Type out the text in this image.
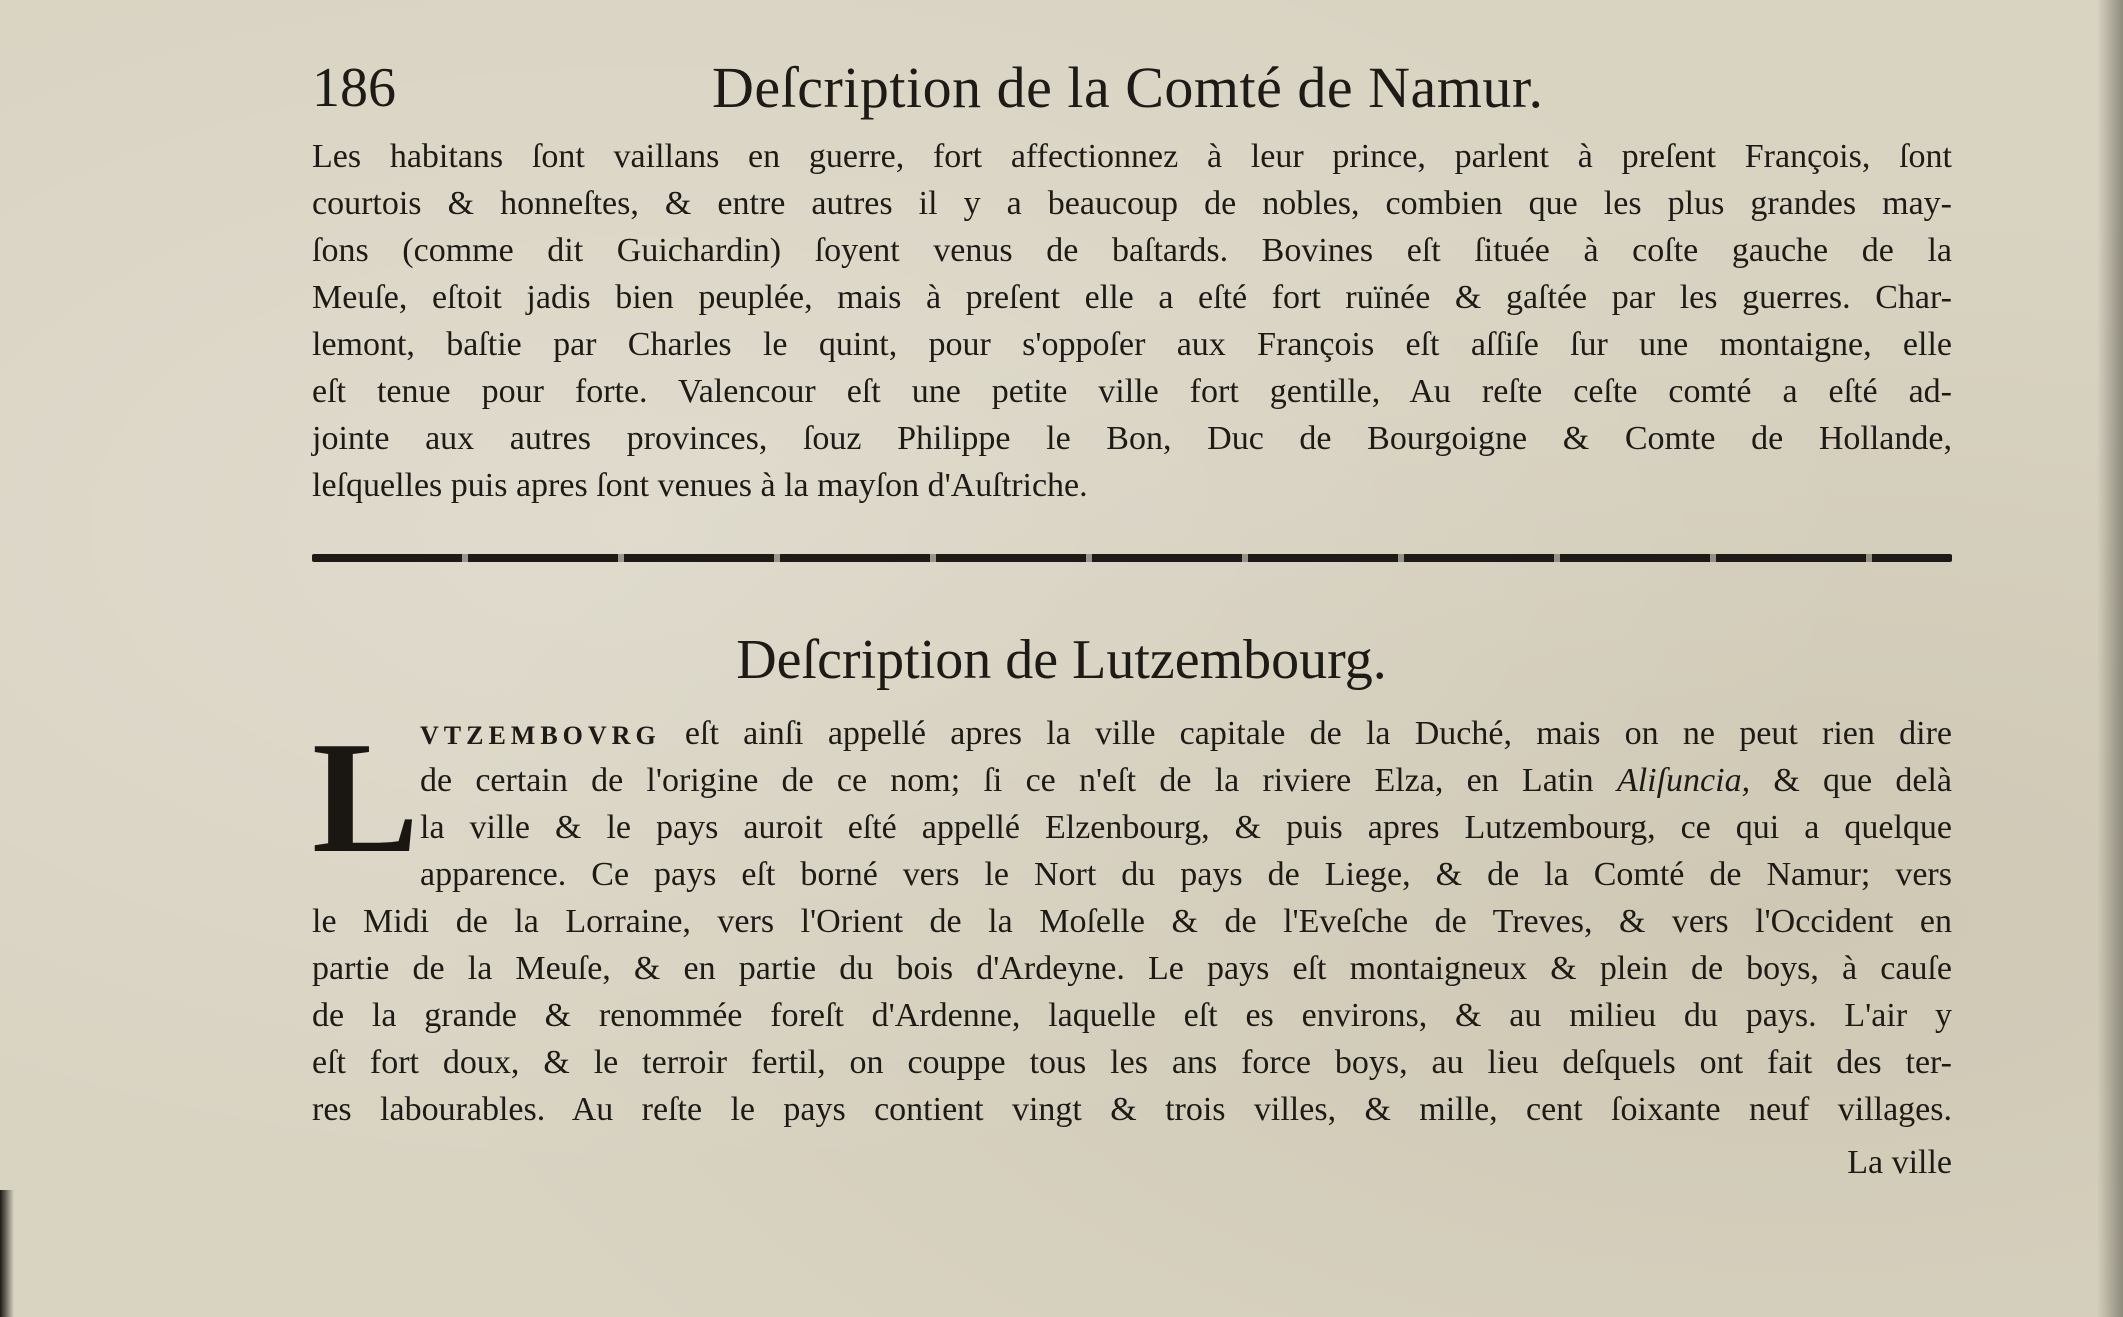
186	Deſcription de la Comté de Namur.
Les habitans ſont vaillans en guerre, fort affectionnez à leur prince, parlent à preſent François, ſont
courtois & honneſtes, & entre autres il y a beaucoup de nobles, combien que les plus grandes may-
ſons (comme dit Guichardin) ſoyent venus de baſtards. Bovines eſt ſituée à coſte gauche de la
Meuſe, eſtoit jadis bien peuplée, mais à preſent elle a eſté fort ruïnée & gaſtée par les guerres. Char-
lemont, baſtie par Charles le quint, pour s'oppoſer aux François eſt aſſiſe ſur une montaigne, elle
eſt tenue pour forte. Valencour eſt une petite ville fort gentille, Au reſte ceſte comté a eſté ad-
jointe aux autres provinces, ſouz Philippe le Bon, Duc de Bourgoigne & Comte de Hollande,
leſquelles puis apres ſont venues à la mayſon d'Auſtriche.
Deſcription de Lutzembourg.
L VTZEMBOVRG eſt ainſi appellé apres la ville capitale de la Duché, mais on ne peut rien dire
de certain de l'origine de ce nom; ſi ce n'eſt de la riviere Elza, en Latin Aliſuncia, & que delà
la ville & le pays auroit eſté appellé Elzenbourg, & puis apres Lutzembourg, ce qui a quelque
apparence. Ce pays eſt borné vers le Nort du pays de Liege, & de la Comté de Namur; vers
le Midi de la Lorraine, vers l'Orient de la Moſelle & de l'Eveſche de Treves, & vers l'Occident en
partie de la Meuſe, & en partie du bois d'Ardeyne. Le pays eſt montaigneux & plein de boys, à cauſe
de la grande & renommée foreſt d'Ardenne, laquelle eſt es environs, & au milieu du pays. L'air y
eſt fort doux, & le terroir fertil, on couppe tous les ans force boys, au lieu deſquels ont fait des ter-
res labourables. Au reſte le pays contient vingt & trois villes, & mille, cent ſoixante neuf villages.
La ville
